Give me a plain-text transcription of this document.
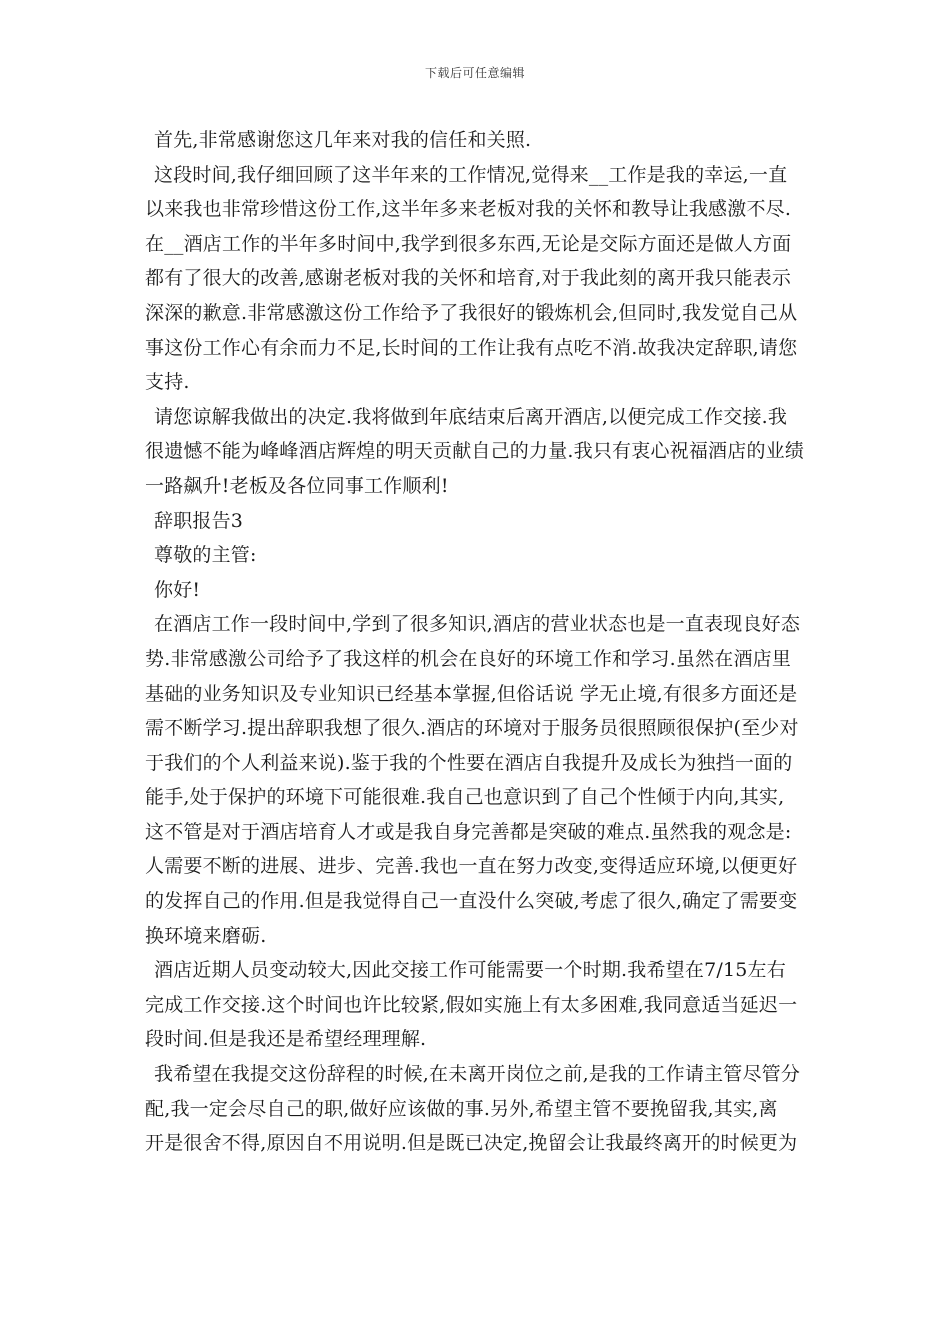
下载后可任意编辑
首先,非常感谢您这几年来对我的信任和关照.
这段时间,我仔细回顾了这半年来的工作情况,觉得来__工作是我的幸运,一直
以来我也非常珍惜这份工作,这半年多来老板对我的关怀和教导让我感激不尽.
在__酒店工作的半年多时间中,我学到很多东西,无论是交际方面还是做人方面
都有了很大的改善,感谢老板对我的关怀和培育,对于我此刻的离开我只能表示
深深的歉意.非常感激这份工作给予了我很好的锻炼机会,但同时,我发觉自己从
事这份工作心有余而力不足,长时间的工作让我有点吃不消.故我决定辞职,请您
支持.
请您谅解我做出的决定.我将做到年底结束后离开酒店,以便完成工作交接.我
很遗憾不能为峰峰酒店辉煌的明天贡献自己的力量.我只有衷心祝福酒店的业绩
一路飙升!老板及各位同事工作顺利!
辞职报告3
尊敬的主管:
你好!
在酒店工作一段时间中,学到了很多知识,酒店的营业状态也是一直表现良好态
势.非常感激公司给予了我这样的机会在良好的环境工作和学习.虽然在酒店里
基础的业务知识及专业知识已经基本掌握,但俗话说 学无止境,有很多方面还是
需不断学习.提出辞职我想了很久.酒店的环境对于服务员很照顾很保护(至少对
于我们的个人利益来说).鉴于我的个性要在酒店自我提升及成长为独挡一面的
能手,处于保护的环境下可能很难.我自己也意识到了自己个性倾于内向,其实,
这不管是对于酒店培育人才或是我自身完善都是突破的难点.虽然我的观念是:
人需要不断的进展、进步、完善.我也一直在努力改变,变得适应环境,以便更好
的发挥自己的作用.但是我觉得自己一直没什么突破,考虑了很久,确定了需要变
换环境来磨砺.
酒店近期人员变动较大,因此交接工作可能需要一个时期.我希望在7/15左右
完成工作交接.这个时间也许比较紧,假如实施上有太多困难,我同意适当延迟一
段时间.但是我还是希望经理理解.
我希望在我提交这份辞程的时候,在未离开岗位之前,是我的工作请主管尽管分
配,我一定会尽自己的职,做好应该做的事.另外,希望主管不要挽留我,其实,离
开是很舍不得,原因自不用说明.但是既已决定,挽留会让我最终离开的时候更为
